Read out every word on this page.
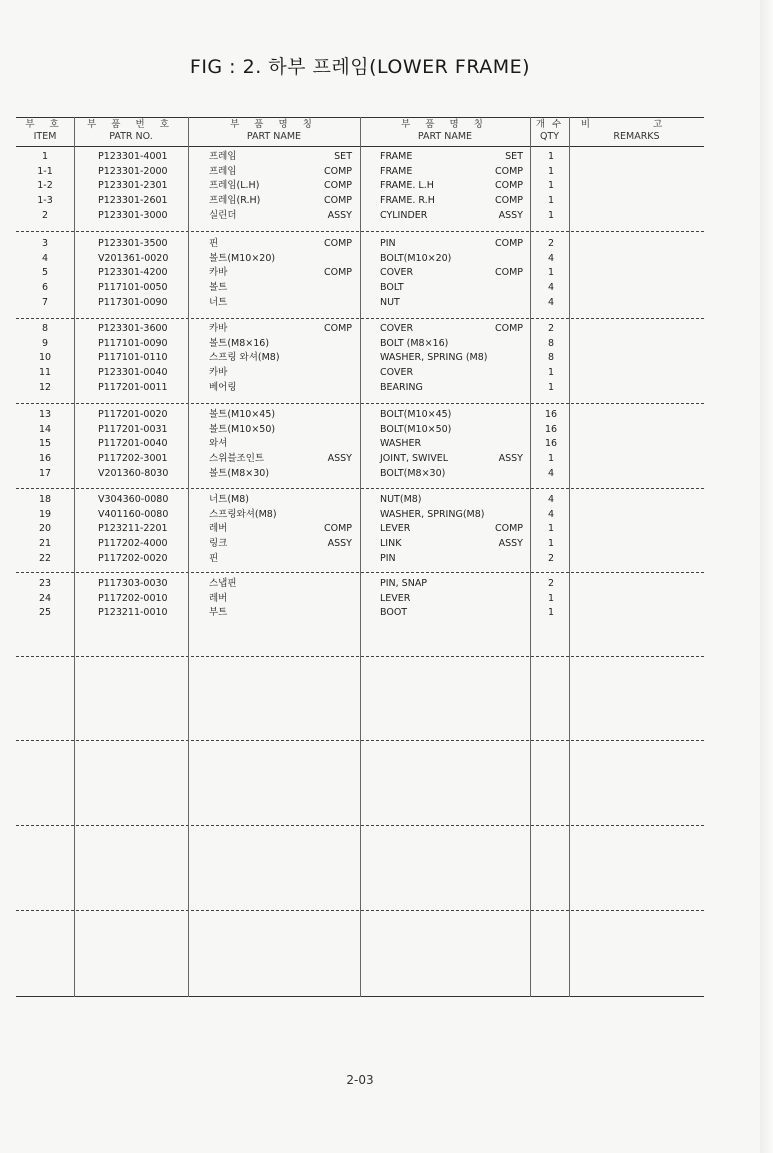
FIG : 2. 하부 프레임(LOWER FRAME)
부 호
ITEM
부 품 번 호
PATR NO.
부 품 명 칭
PART NAME
부 품 명 칭
PART NAME
개 수
QTY
비 고
REMARKS
1	P123301-4001	프레임	SET	FRAME	SET	1
1-1	P123301-2000	프레임	COMP	FRAME	COMP	1
1-2	P123301-2301	프레임(L.H)	COMP	FRAME. L.H	COMP	1
1-3	P123301-2601	프레임(R.H)	COMP	FRAME. R.H	COMP	1
2	P123301-3000	실린더	ASSY	CYLINDER	ASSY	1
3	P123301-3500	핀	COMP	PIN	COMP	2
4	V201361-0020	볼트(M10×20)	BOLT(M10×20)	4
5	P123301-4200	카바	COMP	COVER	COMP	1
6	P117101-0050	볼트	BOLT	4
7	P117301-0090	너트	NUT	4
8	P123301-3600	카바	COMP	COVER	COMP	2
9	P117101-0090	볼트(M8×16)	BOLT (M8×16)	8
10	P117101-0110	스프링 와셔(M8)	WASHER, SPRING (M8)	8
11	P123301-0040	카바	COVER	1
12	P117201-0011	베어링	BEARING	1
13	P117201-0020	볼트(M10×45)	BOLT(M10×45)	16
14	P117201-0031	볼트(M10×50)	BOLT(M10×50)	16
15	P117201-0040	와셔	WASHER	16
16	P117202-3001	스위블조인트	ASSY	JOINT, SWIVEL	ASSY	1
17	V201360-8030	볼트(M8×30)	BOLT(M8×30)	4
18	V304360-0080	너트(M8)	NUT(M8)	4
19	V401160-0080	스프링와셔(M8)	WASHER, SPRING(M8)	4
20	P123211-2201	레버	COMP	LEVER	COMP	1
21	P117202-4000	링크	ASSY	LINK	ASSY	1
22	P117202-0020	핀	PIN	2
23	P117303-0030	스냅핀	PIN, SNAP	2
24	P117202-0010	레버	LEVER	1
25	P123211-0010	부트	BOOT	1
2-03
